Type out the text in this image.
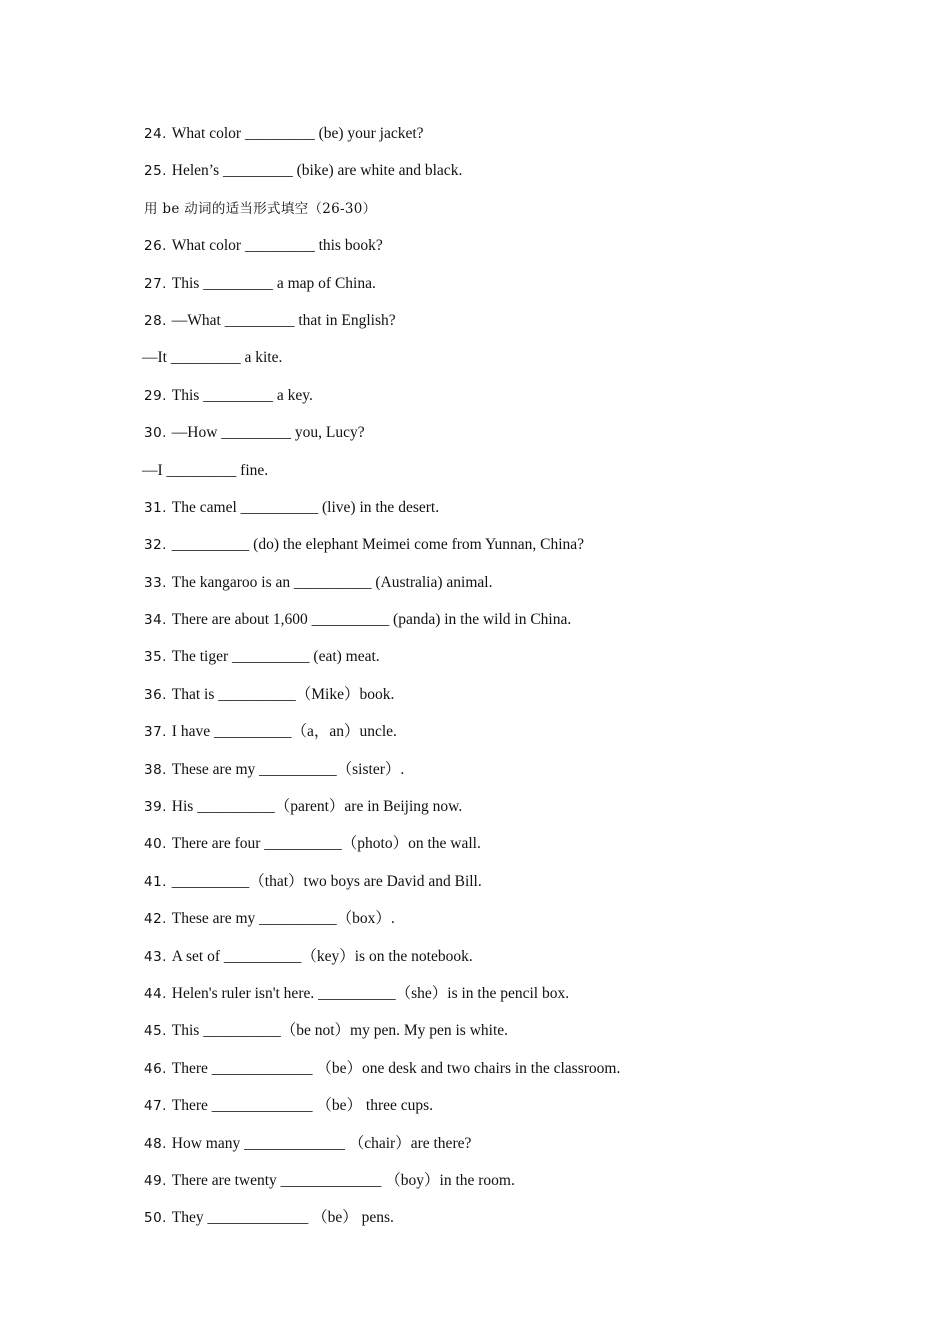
24. What color _________ (be) your jacket?
25. Helen’s _________ (bike) are white and black.
用 be 动词的适当形式填空（26-30）
26. What color _________ this book?
27. This _________ a map of China.
28. —What _________ that in English?
—It _________ a kite.
29. This _________ a key.
30. —How _________ you, Lucy?
—I _________ fine.
31. The camel __________ (live) in the desert.
32. __________ (do) the elephant Meimei come from Yunnan, China?
33. The kangaroo is an __________ (Australia) animal.
34. There are about 1,600 __________ (panda) in the wild in China.
35. The tiger __________ (eat) meat.
36. That is __________（Mike）book.
37. I have __________（a，an）uncle.
38. These are my __________（sister）.
39. His __________（parent）are in Beijing now.
40. There are four __________（photo）on the wall.
41. __________（that）two boys are David and Bill.
42. These are my __________（box）.
43. A set of __________（key）is on the notebook.
44. Helen's ruler isn't here. __________（she）is in the pencil box.
45. This __________（be not）my pen. My pen is white.
46. There _____________ （be）one desk and two chairs in the classroom.
47. There _____________ （be） three cups.
48. How many _____________ （chair）are there?
49. There are twenty _____________ （boy）in the room.
50. They _____________ （be） pens.
